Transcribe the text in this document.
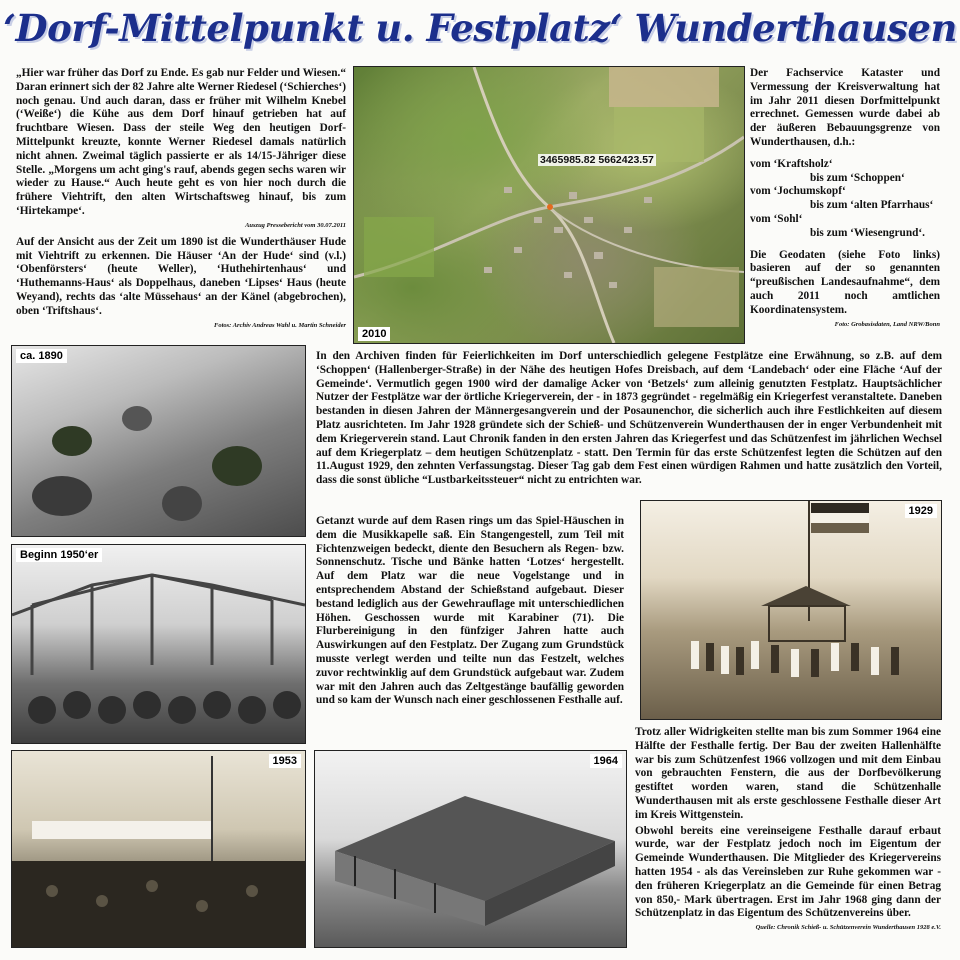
‘Dorf-Mittelpunkt u. Festplatz‘ Wunderthausen

„Hier war früher das Dorf zu Ende. Es gab nur Felder und Wiesen.“ Daran erinnert sich der 82 Jahre alte Werner Riedesel (‘Schierches‘) noch genau. Und auch daran, dass er früher mit Wilhelm Knebel (‘Weiße‘) die Kühe aus dem Dorf hinauf getrieben hat auf fruchtbare Wiesen. Dass der steile Weg den heutigen Dorf-Mittelpunkt kreuzte, konnte Werner Riedesel damals natürlich nicht ahnen. Zweimal täglich passierte er als 14/15-Jähriger diese Stelle. „Morgens um acht ging's rauf, abends gegen sechs waren wir wieder zu Hause.“ Auch heute geht es von hier noch durch die frühere Viehtrift, den alten Wirtschaftsweg hinauf, bis zum ‘Hirtekampe‘.

Auszug Pressebericht vom 30.07.2011

Auf der Ansicht aus der Zeit um 1890 ist die Wunderthäuser Hude mit Viehtrift zu erkennen. Die Häuser ‘An der Hude‘ sind (v.l.) ‘Obenförsters‘ (heute Weller), ‘Huthehirtenhaus‘ und ‘Huthemanns-Haus‘ als Doppelhaus, daneben ‘Lipses‘ Haus (heute Weyand), rechts das ‘alte Müssehaus‘ an der Känel (abgebrochen), oben ‘Triftshaus‘.

Fotos: Archiv Andreas Wahl u. Martin Schneider
3465985.82 5662423.57
2010

Der Fachservice Kataster und Vermessung der Kreisverwaltung hat im Jahr 2011 diesen Dorfmittelpunkt errechnet. Gemessen wurde dabei ab der äußeren Bebauungsgrenze von Wunderthausen, d.h.:

vom ‘Kraftsholz‘
bis zum ‘Schoppen‘
vom ‘Jochumskopf‘
bis zum ‘alten Pfarrhaus‘
vom ‘Sohl‘
bis zum ‘Wiesengrund‘.

Die Geodaten (siehe Foto links) basieren auf der so genannten “preußischen Landesaufnahme“, dem auch 2011 noch amtlichen Koordinatensystem.

Foto: Grobasisdaten, Land NRW/Bonn
ca. 1890
Beginn 1950‘er
1953	1964
1929
In den Archiven finden für Feierlichkeiten im Dorf unterschiedlich gelegene Festplätze eine Erwähnung, so z.B. auf dem ‘Schoppen‘ (Hallenberger-Straße) in der Nähe des heutigen Hofes Dreisbach, auf dem ‘Landebach‘ oder eine Fläche ‘Auf der Gemeinde‘. Vermutlich gegen 1900 wird der damalige Acker von ‘Betzels‘ zum alleinig genutzten Festplatz. Hauptsächlicher Nutzer der Festplätze war der örtliche Kriegerverein, der - in 1873 gegründet - regelmäßig ein Kriegerfest veranstaltete. Daneben bestanden in diesen Jahren der Männergesangverein und der Posaunenchor, die sicherlich auch ihre Festlichkeiten auf diesem Platz ausrichteten. Im Jahr 1928 gründete sich der Schieß- und Schützenverein Wunderthausen der in enger Verbundenheit mit dem Kriegerverein stand. Laut Chronik fanden in den ersten Jahren das Kriegerfest und das Schützenfest im jährlichen Wechsel auf dem Kriegerplatz – dem heutigen Schützenplatz - statt. Den Termin für das erste Schützenfest legten die Schützen auf den 11.August 1929, den zehnten Verfassungstag. Dieser Tag gab dem Fest einen würdigen Rahmen und hatte zusätzlich den Vorteil, dass die sonst übliche “Lustbarkeitssteuer“ nicht zu entrichten war.
Getanzt wurde auf dem Rasen rings um das Spiel-Häuschen in dem die Musikkapelle saß. Ein Stangengestell, zum Teil mit Fichtenzweigen bedeckt, diente den Besuchern als Regen- bzw. Sonnenschutz. Tische und Bänke hatten ‘Lotzes‘ hergestellt. Auf dem Platz war die neue Vogelstange und in entsprechendem Abstand der Schießstand aufgebaut. Dieser bestand lediglich aus der Gewehrauflage mit unterschiedlichen Höhen. Geschossen wurde mit Karabiner (71). Die Flurbereinigung in den fünfziger Jahren hatte auch Auswirkungen auf den Festplatz. Der Zugang zum Grundstück musste verlegt werden und teilte nun das Festzelt, welches zuvor rechtwinklig auf dem Grundstück aufgebaut war. Zudem war mit den Jahren auch das Zeltgestänge baufällig geworden und so kam der Wunsch nach einer geschlossenen Festhalle auf.

Trotz aller Widrigkeiten stellte man bis zum Sommer 1964 eine Hälfte der Festhalle fertig. Der Bau der zweiten Hallenhälfte war bis zum Schützenfest 1966 vollzogen und mit dem Einbau von gebrauchten Fenstern, die aus der Dorfbevölkerung gestiftet worden waren, stand die Schützenhalle Wunderthausen mit als erste geschlossene Festhalle dieser Art im Kreis Wittgenstein.

Obwohl bereits eine vereinseigene Festhalle darauf erbaut wurde, war der Festplatz jedoch noch im Eigentum der Gemeinde Wunderthausen. Die Mitglieder des Kriegervereins hatten 1954 - als das Vereinsleben zur Ruhe gekommen war - den früheren Kriegerplatz an die Gemeinde für einen Betrag von 850,- Mark übertragen. Erst im Jahr 1968 ging dann der Schützenplatz in das Eigentum des Schützenvereins über.

Quelle: Chronik Schieß- u. Schützenverein Wunderthausen 1928 e.V.
